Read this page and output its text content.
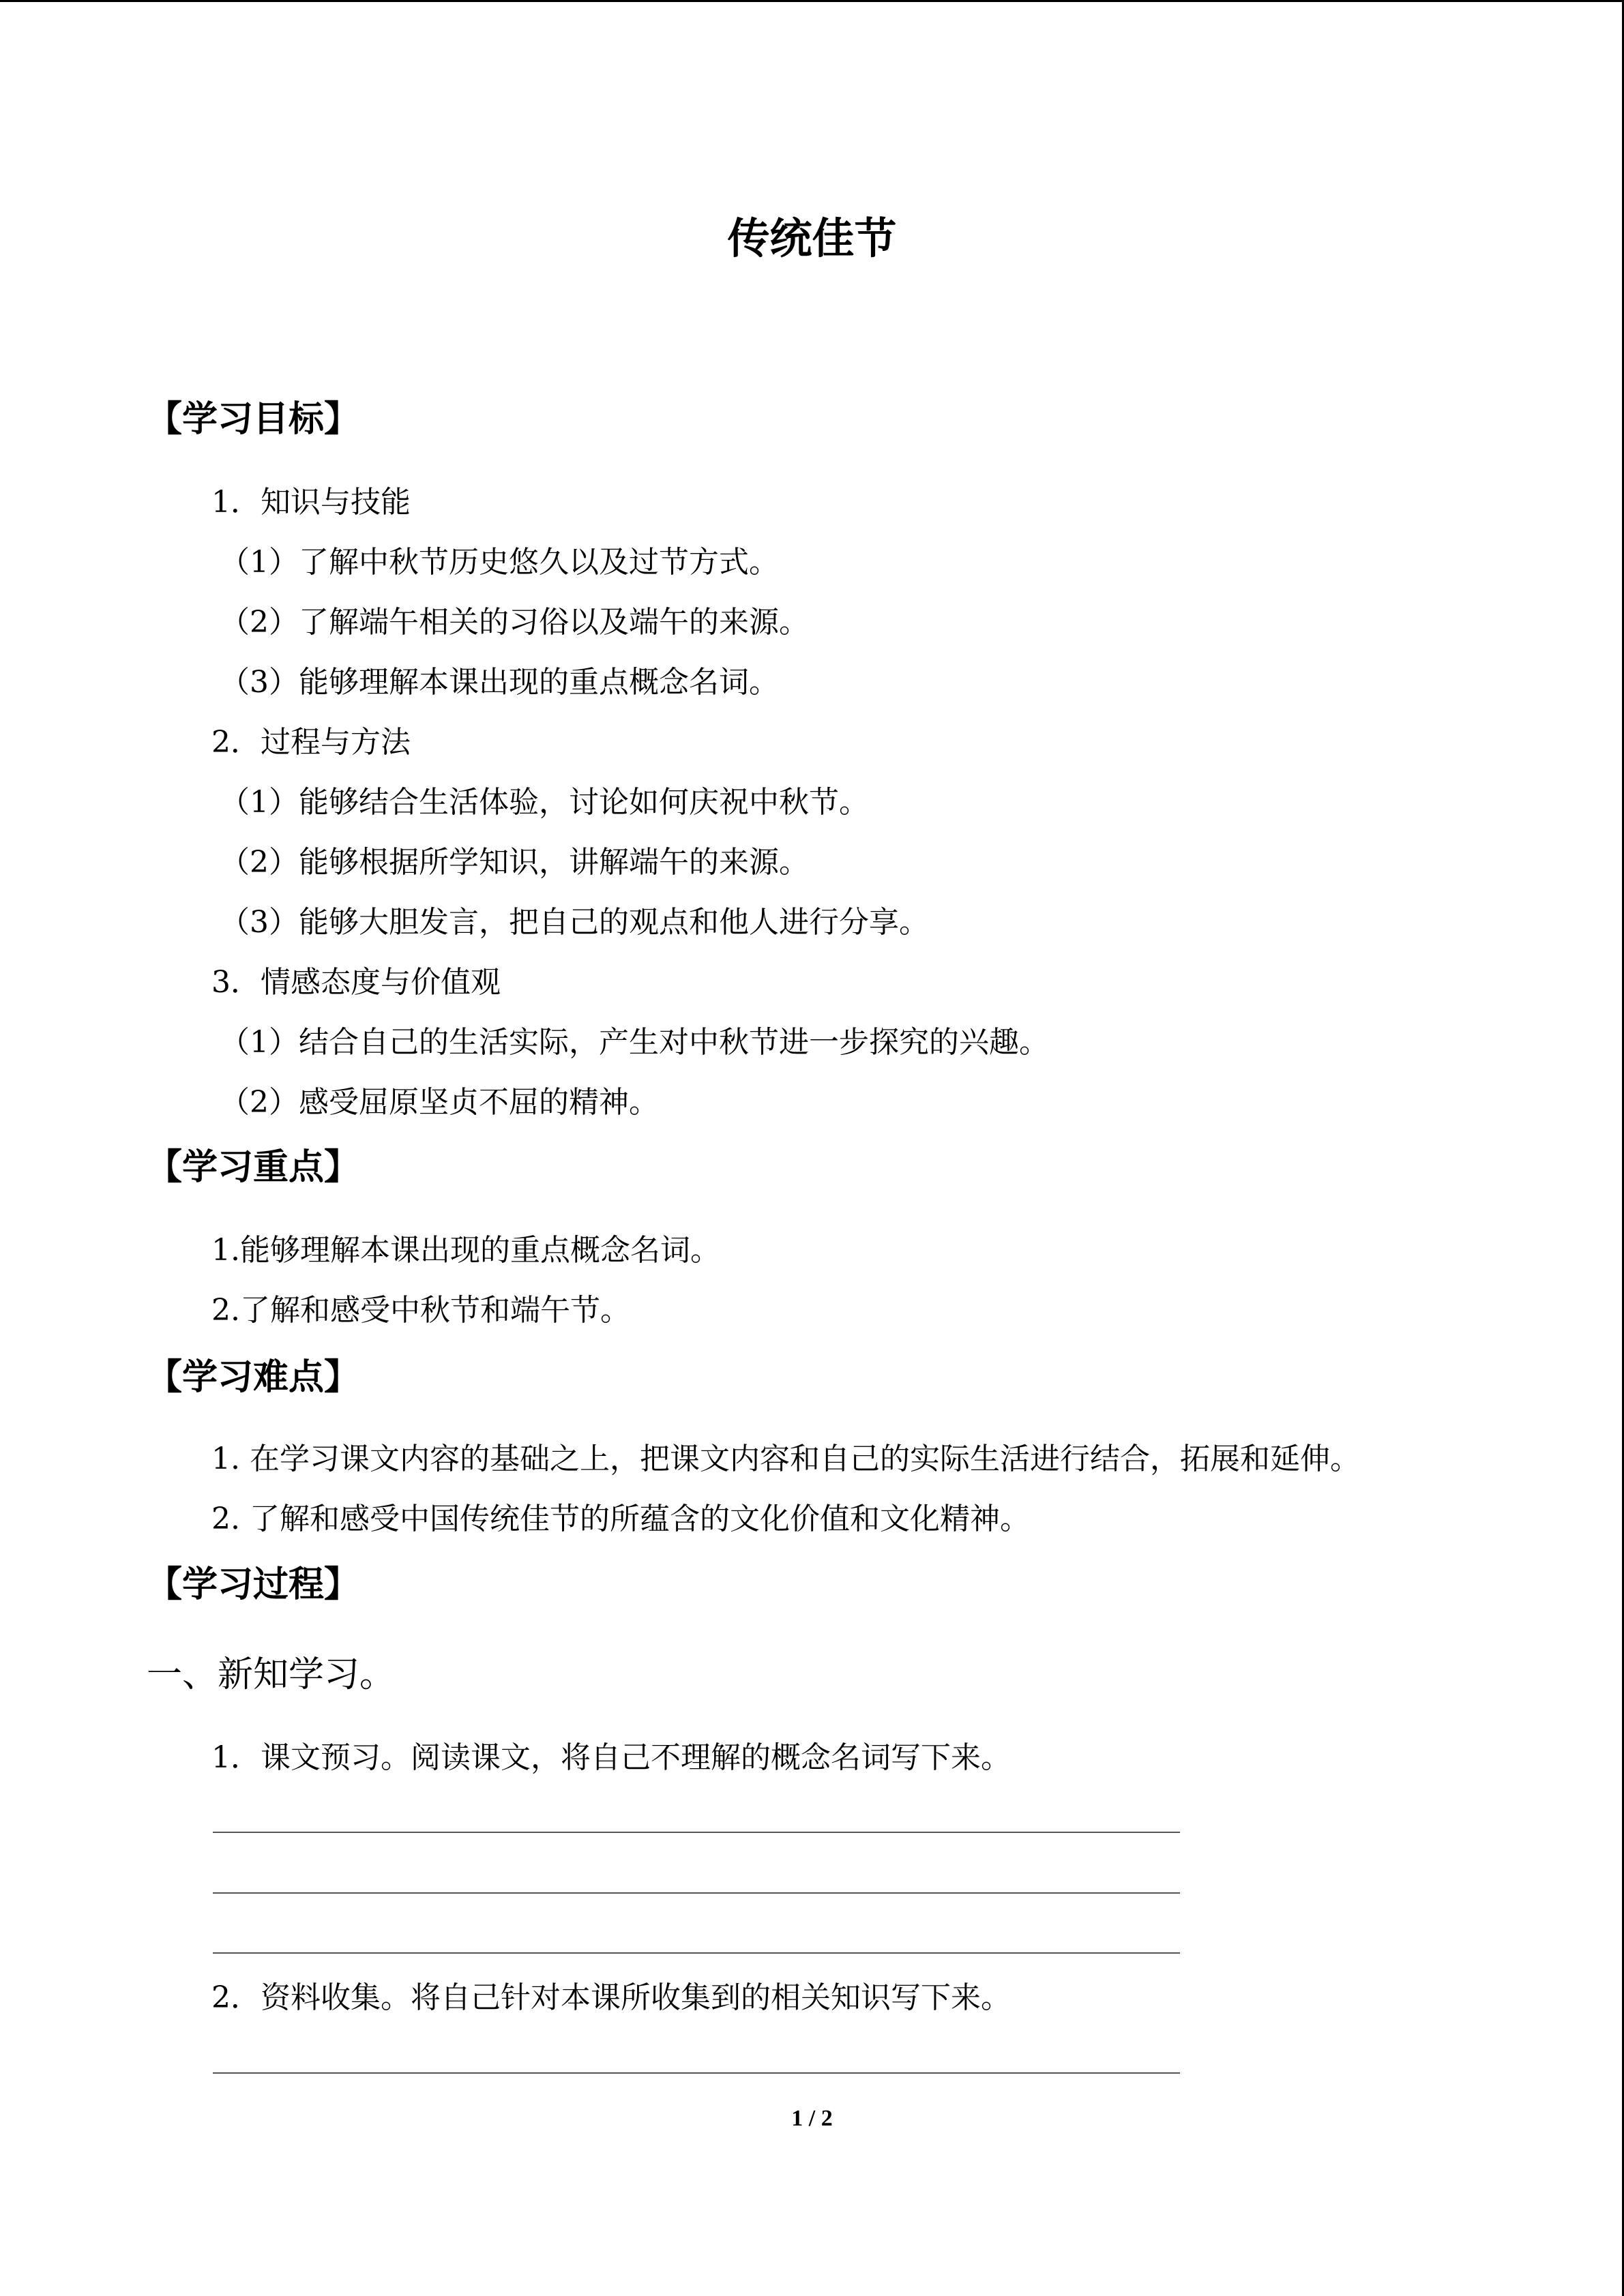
传统佳节
【学习目标】
1．知识与技能
（1）了解中秋节历史悠久以及过节方式。
（2）了解端午相关的习俗以及端午的来源。
（3）能够理解本课出现的重点概念名词。
2．过程与方法
（1）能够结合生活体验，讨论如何庆祝中秋节。
（2）能够根据所学知识，讲解端午的来源。
（3）能够大胆发言，把自己的观点和他人进行分享。
3．情感态度与价值观
（1）结合自己的生活实际，产生对中秋节进一步探究的兴趣。
（2）感受屈原坚贞不屈的精神。
【学习重点】
1.能够理解本课出现的重点概念名词。
2.了解和感受中秋节和端午节。
【学习难点】
1. 在学习课文内容的基础之上，把课文内容和自己的实际生活进行结合，拓展和延伸。
2. 了解和感受中国传统佳节的所蕴含的文化价值和文化精神。
【学习过程】
一、新知学习。
1．课文预习。阅读课文，将自己不理解的概念名词写下来。
2．资料收集。将自己针对本课所收集到的相关知识写下来。
1 / 2
